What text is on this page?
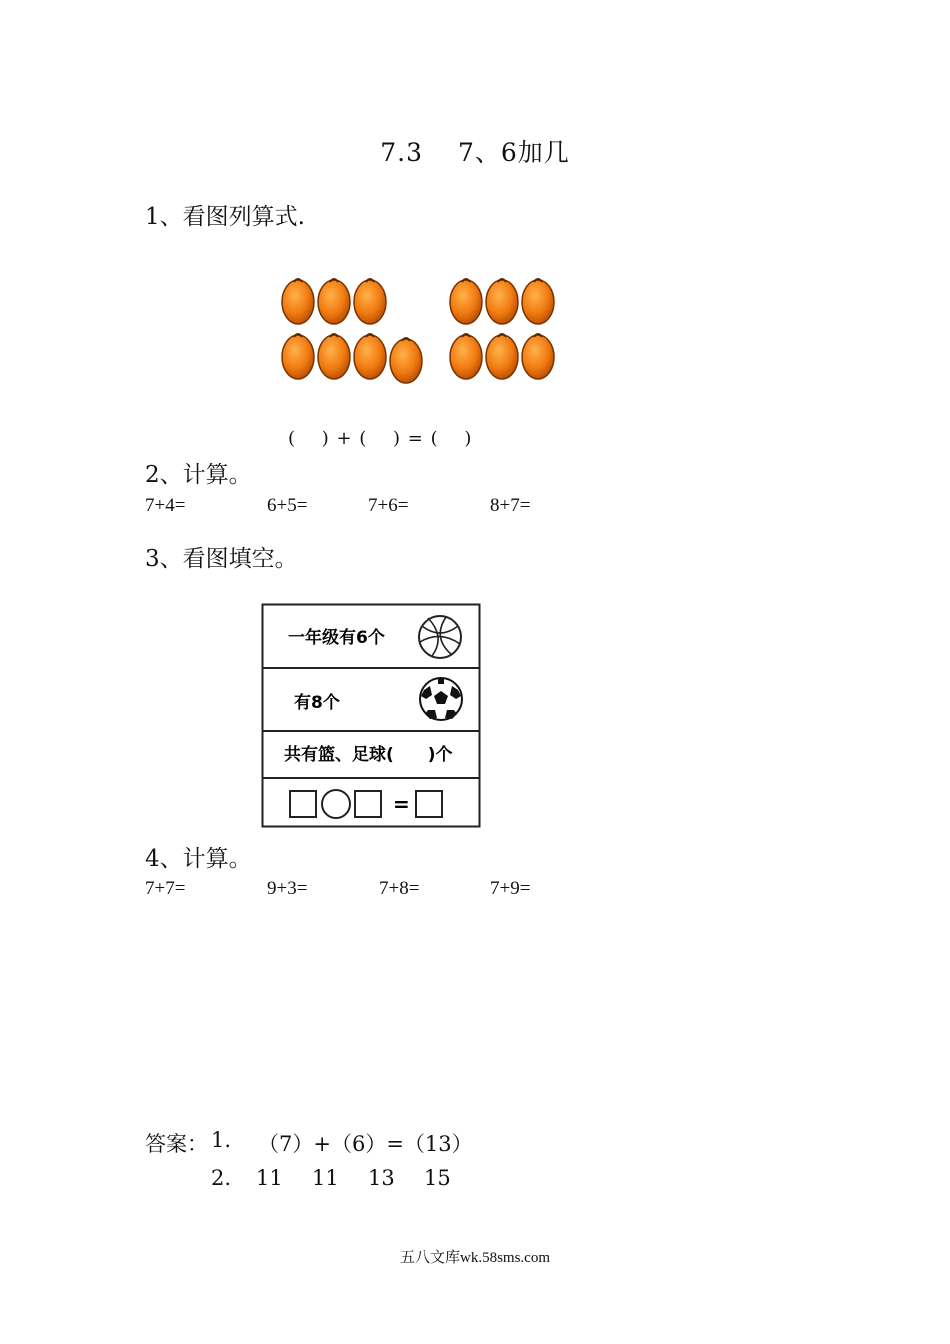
7.3　 7、6加几
1、看图列算式.
(　 ) + (　 ) = (　 )
2、计算。
7+4=	6+5=	7+6=	8+7=
3、看图填空。
一年级有6个
有8个
共有篮、足球(　　)个
=
4、计算。
7+7=	9+3=	7+8=	7+9=
答案： 1. （7）+（6）=（13）
2. 11 11 13 15
五八文库wk.58sms.com
